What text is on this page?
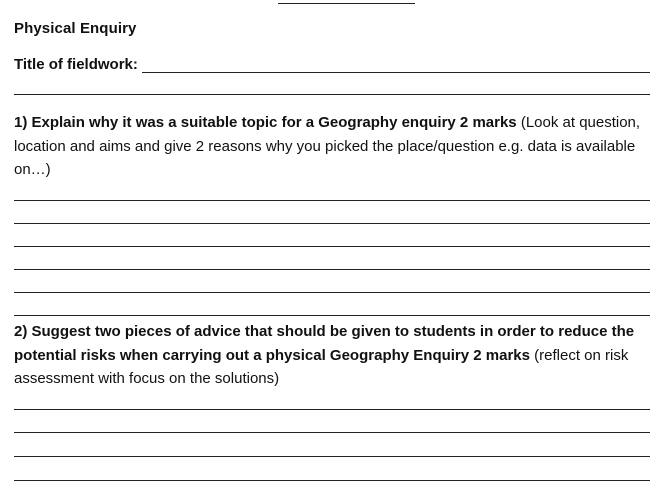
Physical Enquiry
Title of fieldwork:
1) Explain why it was a suitable topic for a Geography enquiry 2 marks (Look at question, location and aims and give 2 reasons why you picked the place/question e.g. data is available on…)
2) Suggest two pieces of advice that should be given to students in order to reduce the potential risks when carrying out a physical Geography Enquiry 2 marks (reflect on risk assessment with focus on the solutions)
